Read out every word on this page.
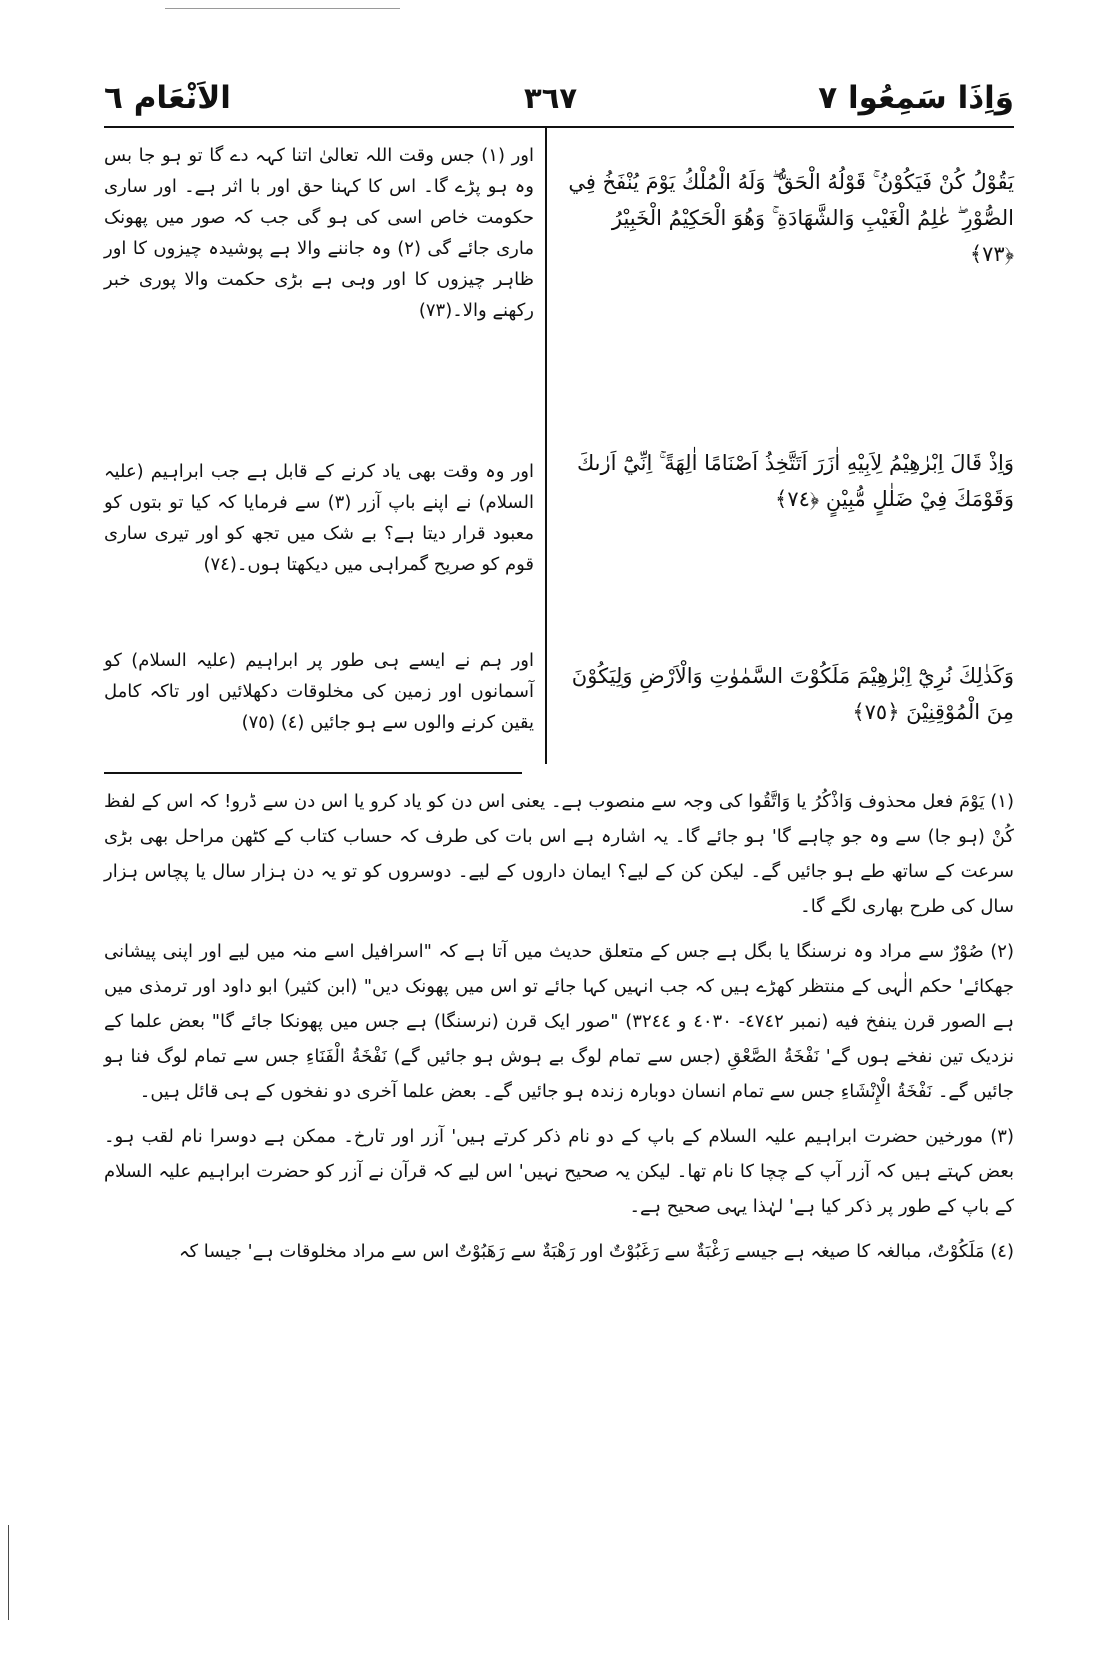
وَاِذَا سَمِعُوا ٧
٣٦٧
الاَنْعَام ٦

يَقُوْلُ كُنْ فَيَكُوْنُ ۚ قَوْلُهُ الْحَقُّ ۖ وَلَهُ الْمُلْكُ يَوْمَ يُنْفَخُ فِي الصُّوْرِ ۖ عٰلِمُ الْغَيْبِ وَالشَّهَادَةِ ۚ وَهُوَ الْحَكِيْمُ الْخَبِيْرُ ﴿٧٣﴾

وَاِذْ قَالَ اِبْرٰهِيْمُ لِاَبِيْهِ اٰزَرَ اَتَتَّخِذُ اَصْنَامًا اٰلِهَةً ۚ اِنِّيْٓ اَرٰىكَ وَقَوْمَكَ فِيْ ضَلٰلٍ مُّبِيْنٍ ﴿٧٤﴾

وَكَذٰلِكَ نُرِيْٓ اِبْرٰهِيْمَ مَلَكُوْتَ السَّمٰوٰتِ وَالْاَرْضِ وَلِيَكُوْنَ مِنَ الْمُوْقِنِيْنَ ﴿٧٥﴾

اور (١) جس وقت اللہ تعالیٰ اتنا کہہ دے گا تو ہو جا بس وہ ہو پڑے گا۔ اس کا کہنا حق اور با اثر ہے۔ اور ساری حکومت خاص اسی کی ہو گی جب کہ صور میں پھونک ماری جائے گی (٢) وہ جاننے والا ہے پوشیدہ چیزوں کا اور ظاہر چیزوں کا اور وہی ہے بڑی حکمت والا پوری خبر رکھنے والا۔(٧٣)

اور وہ وقت بھی یاد کرنے کے قابل ہے جب ابراہیم (علیہ السلام) نے اپنے باپ آزر (٣) سے فرمایا کہ کیا تو بتوں کو معبود قرار دیتا ہے؟ بے شک میں تجھ کو اور تیری ساری قوم کو صریح گمراہی میں دیکھتا ہوں۔(٧٤)

اور ہم نے ایسے ہی طور پر ابراہیم (علیہ السلام) کو آسمانوں اور زمین کی مخلوقات دکھلائیں اور تاکہ کامل یقین کرنے والوں سے ہو جائیں (٤) (٧٥)

(١) يَوْمَ فعل محذوف وَاذْكُرُ یا وَاتَّقُوا کی وجہ سے منصوب ہے۔ یعنی اس دن کو یاد کرو یا اس دن سے ڈرو! کہ اس کے لفظ كُنْ (ہو جا) سے وہ جو چاہے گا' ہو جائے گا۔ یہ اشارہ ہے اس بات کی طرف کہ حساب کتاب کے کٹھن مراحل بھی بڑی سرعت کے ساتھ طے ہو جائیں گے۔ لیکن کن کے لیے؟ ایمان داروں کے لیے۔ دوسروں کو تو یہ دن ہزار سال یا پچاس ہزار سال کی طرح بھاری لگے گا۔

(٢) صُوْرٌ سے مراد وہ نرسنگا یا بگل ہے جس کے متعلق حدیث میں آتا ہے کہ "اسرافیل اسے منہ میں لیے اور اپنی پیشانی جھکائے' حکم الٰہی کے منتظر کھڑے ہیں کہ جب انہیں کہا جائے تو اس میں پھونک دیں" (ابن کثیر) ابو داود اور ترمذی میں ہے الصور قرن ينفخ فيه (نمبر ٤٧٤٢- ٤٠٣٠ و ٣٢٤٤) "صور ایک قرن (نرسنگا) ہے جس میں پھونکا جائے گا" بعض علما کے نزدیک تین نفخے ہوں گے' نَفْخَةُ الصَّعْقِ (جس سے تمام لوگ بے ہوش ہو جائیں گے) نَفْخَةُ الْفَنَاءِ جس سے تمام لوگ فنا ہو جائیں گے۔ نَفْخَةُ الْإِنْشَاءِ جس سے تمام انسان دوبارہ زندہ ہو جائیں گے۔ بعض علما آخری دو نفخوں کے ہی قائل ہیں۔

(٣) مورخین حضرت ابراہیم علیہ السلام کے باپ کے دو نام ذکر کرتے ہیں' آزر اور تارخ۔ ممکن ہے دوسرا نام لقب ہو۔ بعض کہتے ہیں کہ آزر آپ کے چچا کا نام تھا۔ لیکن یہ صحیح نہیں' اس لیے کہ قرآن نے آزر کو حضرت ابراہیم علیہ السلام کے باپ کے طور پر ذکر کیا ہے' لہٰذا یہی صحیح ہے۔

(٤) مَلَكُوْتٌ، مبالغہ کا صیغہ ہے جیسے رَغْبَةٌ سے رَغَبُوْتٌ اور رَهْبَةٌ سے رَهَبُوْتٌ اس سے مراد مخلوقات ہے' جیسا کہ
